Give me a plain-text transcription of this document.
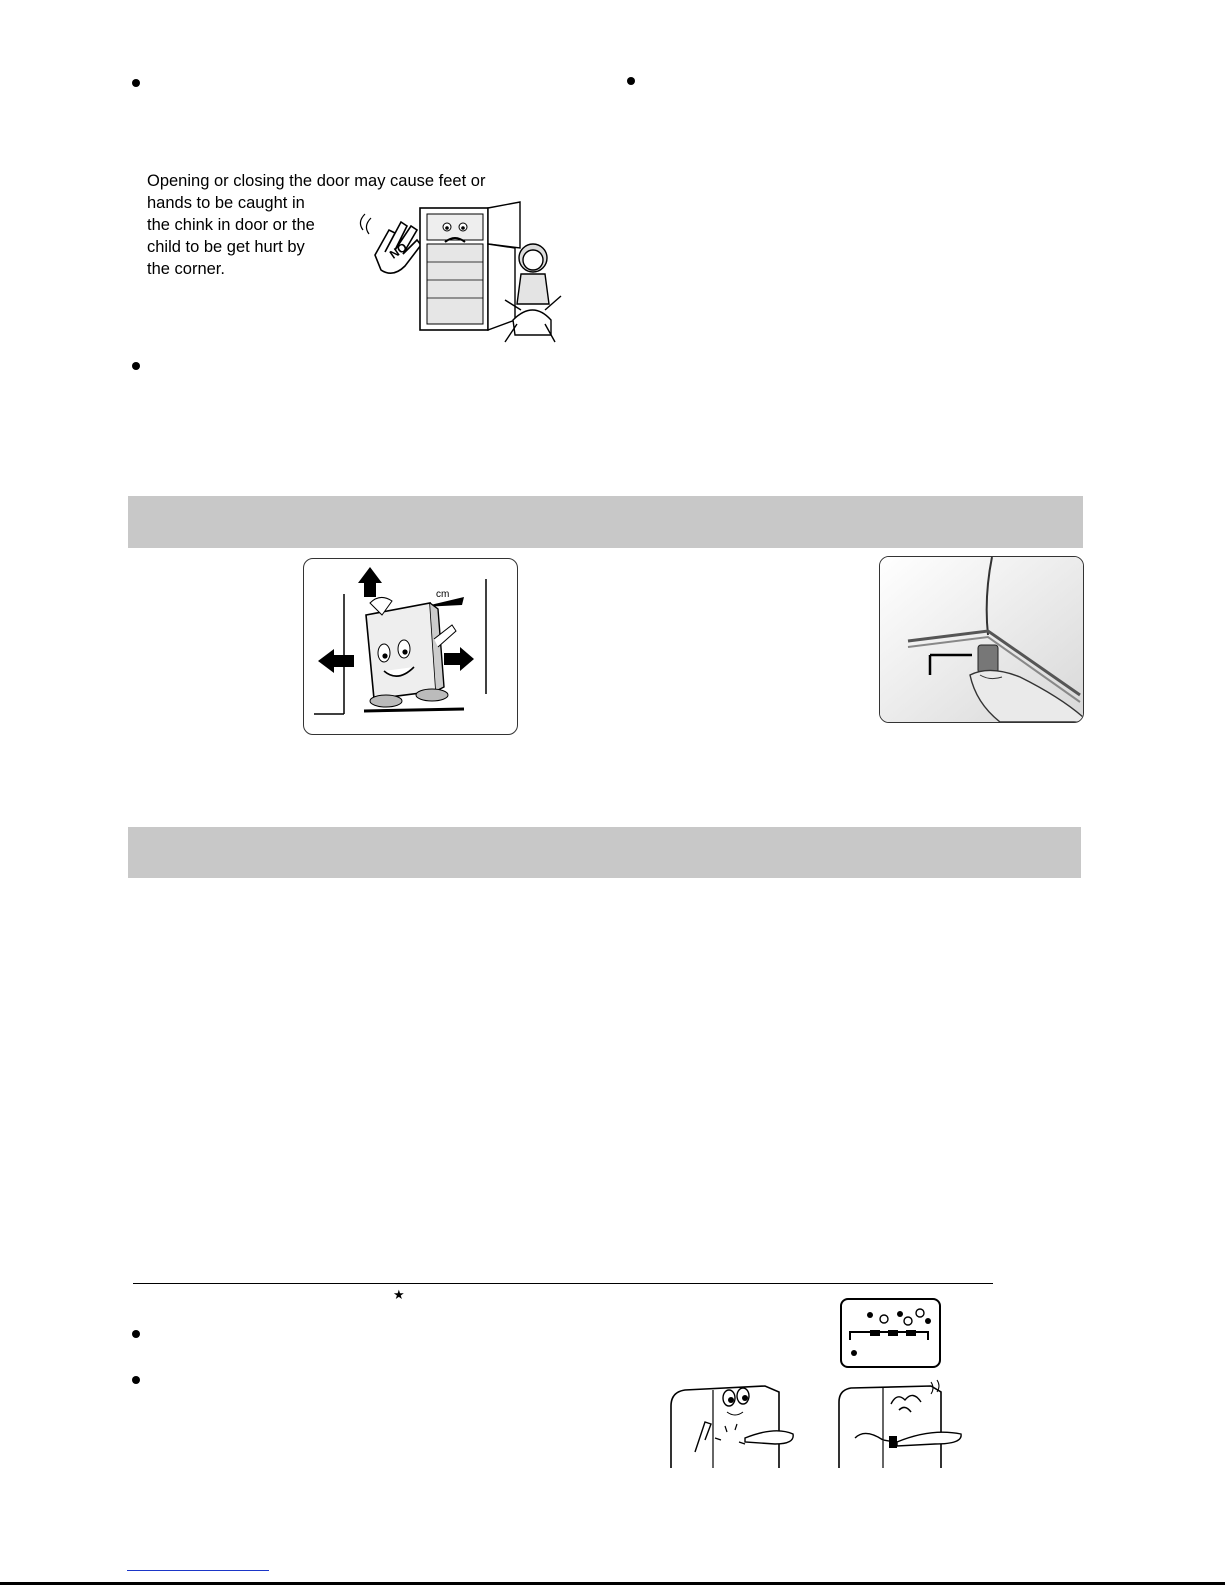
Opening or closing the door may cause feet or
hands to be caught in
the chink in door or the
child to be get hurt by
the corner.
NO
cm
★
